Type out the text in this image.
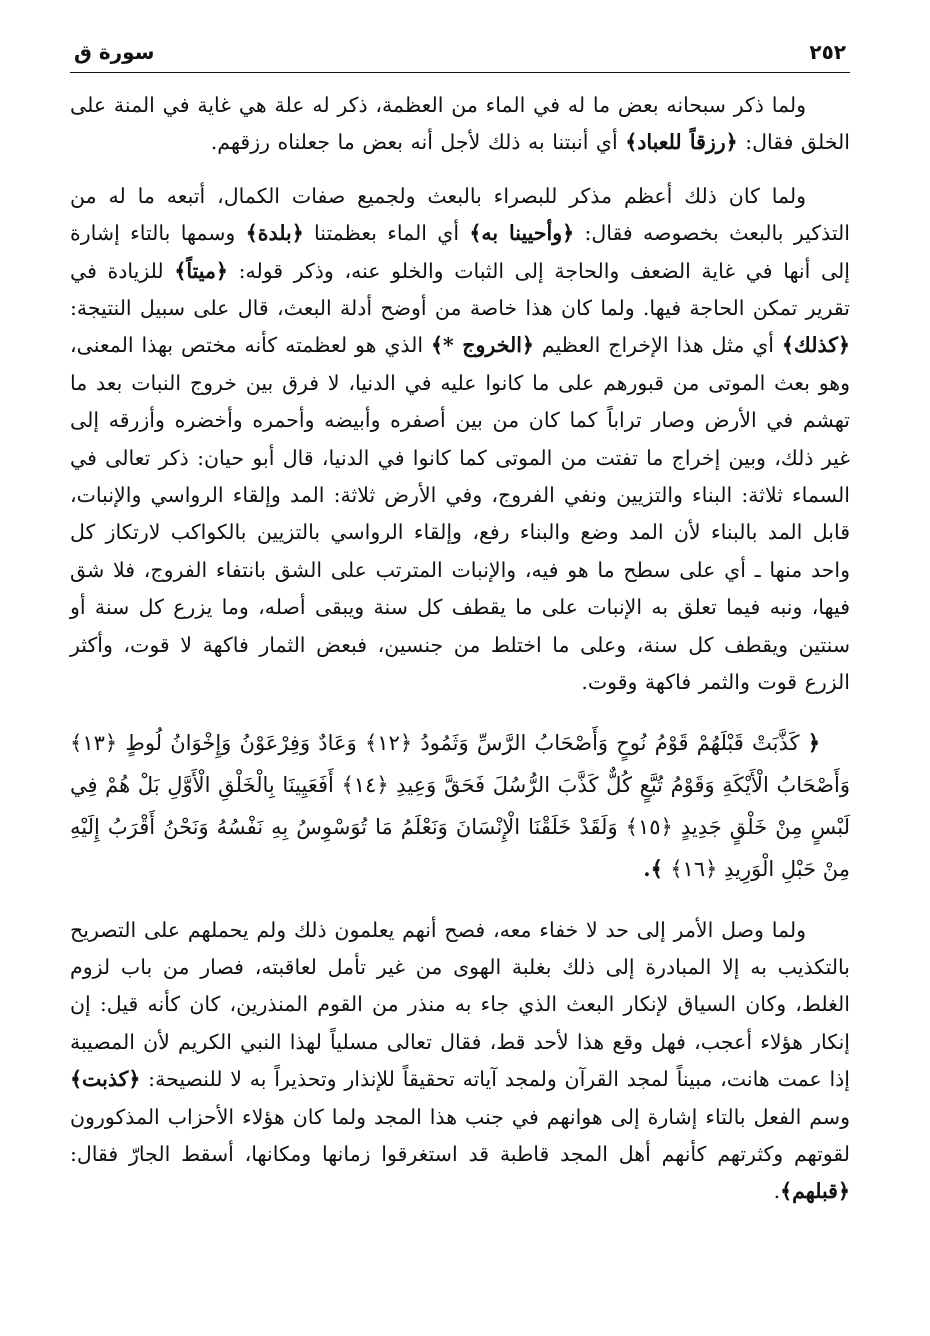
٢٥٢
سورة ق

ولما ذكر سبحانه بعض ما له في الماء من العظمة، ذكر له علة هي غاية في المنة على الخلق فقال: ﴿رزقاً للعباد﴾ أي أنبتنا به ذلك لأجل أنه بعض ما جعلناه رزقهم.

ولما كان ذلك أعظم مذكر للبصراء بالبعث ولجميع صفات الكمال، أتبعه ما له من التذكير بالبعث بخصوصه فقال: ﴿وأحيينا به﴾ أي الماء بعظمتنا ﴿بلدة﴾ وسمها بالتاء إشارة إلى أنها في غاية الضعف والحاجة إلى الثبات والخلو عنه، وذكر قوله: ﴿ميتاً﴾ للزيادة في تقرير تمكن الحاجة فيها. ولما كان هذا خاصة من أوضح أدلة البعث، قال على سبيل النتيجة: ﴿كذلك﴾ أي مثل هذا الإخراج العظيم ﴿الخروج *﴾ الذي هو لعظمته كأنه مختص بهذا المعنى، وهو بعث الموتى من قبورهم على ما كانوا عليه في الدنيا، لا فرق بين خروج النبات بعد ما تهشم في الأرض وصار تراباً كما كان من بين أصفره وأبيضه وأحمره وأخضره وأزرقه إلى غير ذلك، وبين إخراج ما تفتت من الموتى كما كانوا في الدنيا، قال أبو حيان: ذكر تعالى في السماء ثلاثة: البناء والتزيين ونفي الفروج، وفي الأرض ثلاثة: المد وإلقاء الرواسي والإنبات، قابل المد بالبناء لأن المد وضع والبناء رفع، وإلقاء الرواسي بالتزيين بالكواكب لارتكاز كل واحد منها ـ أي على سطح ما هو فيه، والإنبات المترتب على الشق بانتفاء الفروج، فلا شق فيها، ونبه فيما تعلق به الإنبات على ما يقطف كل سنة ويبقى أصله، وما يزرع كل سنة أو سنتين ويقطف كل سنة، وعلى ما اختلط من جنسين، فبعض الثمار فاكهة لا قوت، وأكثر الزرع قوت والثمر فاكهة وقوت.

﴿ كَذَّبَتْ قَبْلَهُمْ قَوْمُ نُوحٍ وَأَصْحَابُ الرَّسِّ وَثَمُودُ ﴿١٢﴾ وَعَادٌ وَفِرْعَوْنُ وَإِخْوَانُ لُوطٍ ﴿١٣﴾ وَأَصْحَابُ الْأَيْكَةِ وَقَوْمُ تُبَّعٍ كُلٌّ كَذَّبَ الرُّسُلَ فَحَقَّ وَعِيدِ ﴿١٤﴾ أَفَعَيِينَا بِالْخَلْقِ الْأَوَّلِ بَلْ هُمْ فِي لَبْسٍ مِنْ خَلْقٍ جَدِيدٍ ﴿١٥﴾ وَلَقَدْ خَلَقْنَا الْإِنْسَانَ وَنَعْلَمُ مَا تُوَسْوِسُ بِهِ نَفْسُهُ وَنَحْنُ أَقْرَبُ إِلَيْهِ مِنْ حَبْلِ الْوَرِيدِ ﴿١٦﴾ ﴾.

ولما وصل الأمر إلى حد لا خفاء معه، فصح أنهم يعلمون ذلك ولم يحملهم على التصريح بالتكذيب به إلا المبادرة إلى ذلك بغلبة الهوى من غير تأمل لعاقبته، فصار من باب لزوم الغلط، وكان السياق لإنكار البعث الذي جاء به منذر من القوم المنذرين، كان كأنه قيل: إن إنكار هؤلاء أعجب، فهل وقع هذا لأحد قط، فقال تعالى مسلياً لهذا النبي الكريم لأن المصيبة إذا عمت هانت، مبيناً لمجد القرآن ولمجد آياته تحقيقاً للإنذار وتحذيراً به لا للنصيحة: ﴿كذبت﴾ وسم الفعل بالتاء إشارة إلى هوانهم في جنب هذا المجد ولما كان هؤلاء الأحزاب المذكورون لقوتهم وكثرتهم كأنهم أهل المجد قاطبة قد استغرقوا زمانها ومكانها، أسقط الجارّ فقال: ﴿قبلهم﴾.
